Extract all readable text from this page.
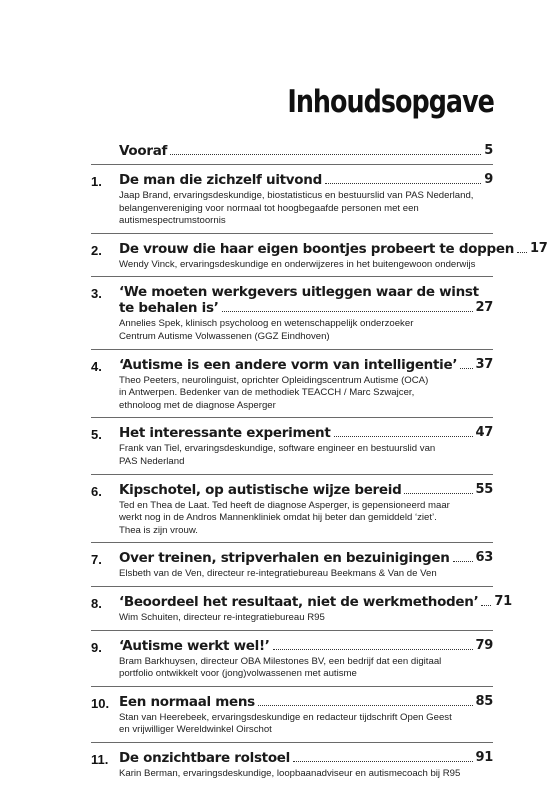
Inhoudsopgave
Vooraf	5
1. De man die zichzelf uitvond	9
Jaap Brand, ervaringsdeskundige, biostatisticus en bestuurslid van PAS Nederland,
belangenvereniging voor normaal tot hoogbegaafde personen met een
autismespectrumstoornis
2. De vrouw die haar eigen boontjes probeert te doppen 17
Wendy Vinck, ervaringsdeskundige en onderwijzeres in het buitengewoon onderwijs
3. ‘We moeten werkgevers uitleggen waar de winst
te behalen is’	27
Annelies Spek, klinisch psycholoog en wetenschappelijk onderzoeker
Centrum Autisme Volwassenen (GGZ Eindhoven)
4. ‘Autisme is een andere vorm van intelligentie’ 37
Theo Peeters, neurolinguist, oprichter Opleidingscentrum Autisme (OCA)
in Antwerpen. Bedenker van de methodiek TEACCH / Marc Szwajcer,
ethnoloog met de diagnose Asperger
5. Het interessante experiment	47
Frank van Tiel, ervaringsdeskundige, software engineer en bestuurslid van
PAS Nederland
6. Kipschotel, op autistische wijze bereid	55
Ted en Thea de Laat. Ted heeft de diagnose Asperger, is gepensioneerd maar
werkt nog in de Andros Mannenkliniek omdat hij beter dan gemiddeld ‘ziet’.
Thea is zijn vrouw.
7. Over treinen, stripverhalen en bezuinigingen 63
Elsbeth van de Ven, directeur re-integratiebureau Beekmans & Van de Ven
8. ‘Beoordeel het resultaat, niet de werkmethoden’ 71
Wim Schuiten, directeur re-integratiebureau R95
9. ‘Autisme werkt wel!’	79
Bram Barkhuysen, directeur OBA Milestones BV, een bedrijf dat een digitaal
portfolio ontwikkelt voor (jong)volwassenen met autisme
10. Een normaal mens	85
Stan van Heerebeek, ervaringsdeskundige en redacteur tijdschrift Open Geest
en vrijwilliger Wereldwinkel Oirschot
11. De onzichtbare rolstoel	91
Karin Berman, ervaringsdeskundige, loopbaanadviseur en autismecoach bij R95
